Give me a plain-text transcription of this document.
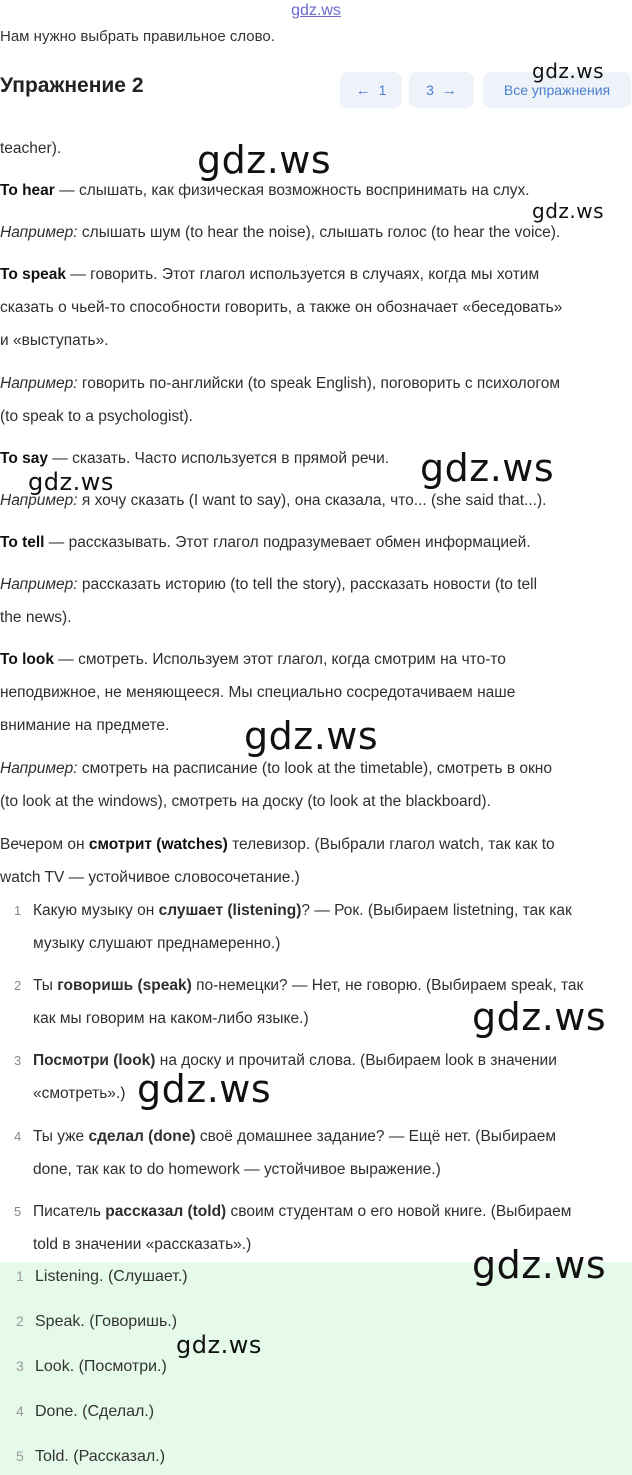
gdz.ws
Нам нужно выбрать правильное слово.
Упражнение 2	← 1	3 →	Все упражнения
teacher).
To hear — слышать, как физическая возможность воспринимать на слух.
Например: слышать шум (to hear the noise), слышать голос (to hear the voice).
To speak — говорить. Этот глагол используется в случаях, когда мы хотим
сказать о чьей-то способности говорить, а также он обозначает «беседовать»
и «выступать».
Например: говорить по-английски (to speak English), поговорить с психологом
(to speak to a psychologist).
To say — сказать. Часто используется в прямой речи.
Например: я хочу сказать (I want to say), она сказала, что... (she said that...).
To tell — рассказывать. Этот глагол подразумевает обмен информацией.
Например: рассказать историю (to tell the story), рассказать новости (to tell
the news).
To look — смотреть. Используем этот глагол, когда смотрим на что-то
неподвижное, не меняющееся. Мы специально сосредотачиваем наше
внимание на предмете.
Например: смотреть на расписание (to look at the timetable), смотреть в окно
(to look at the windows), смотреть на доску (to look at the blackboard).
Вечером он смотрит (watches) телевизор. (Выбрали глагол watch, так как to
watch TV — устойчивое словосочетание.)
1 Какую музыку он слушает (listening)? — Рок. (Выбираем listetning, так как
музыку слушают преднамеренно.)
2 Ты говоришь (speak) по-немецки? — Нет, не говорю. (Выбираем speak, так
как мы говорим на каком-либо языке.)
3 Посмотри (look) на доску и прочитай слова. (Выбираем look в значении
«смотреть».)
4 Ты уже сделал (done) своё домашнее задание? — Ещё нет. (Выбираем
done, так как to do homework — устойчивое выражение.)
5 Писатель рассказал (told) своим студентам о его новой книге. (Выбираем
told в значении «рассказать».)
1 Listening. (Слушает.)
2 Speak. (Говоришь.)
3 Look. (Посмотри.)
4 Done. (Сделал.)
5 Told. (Рассказал.)
gdz.ws
gdz.ws
gdz.ws
gdz.ws
gdz.ws
gdz.ws
gdz.ws
gdz.ws
gdz.ws
gdz.ws
